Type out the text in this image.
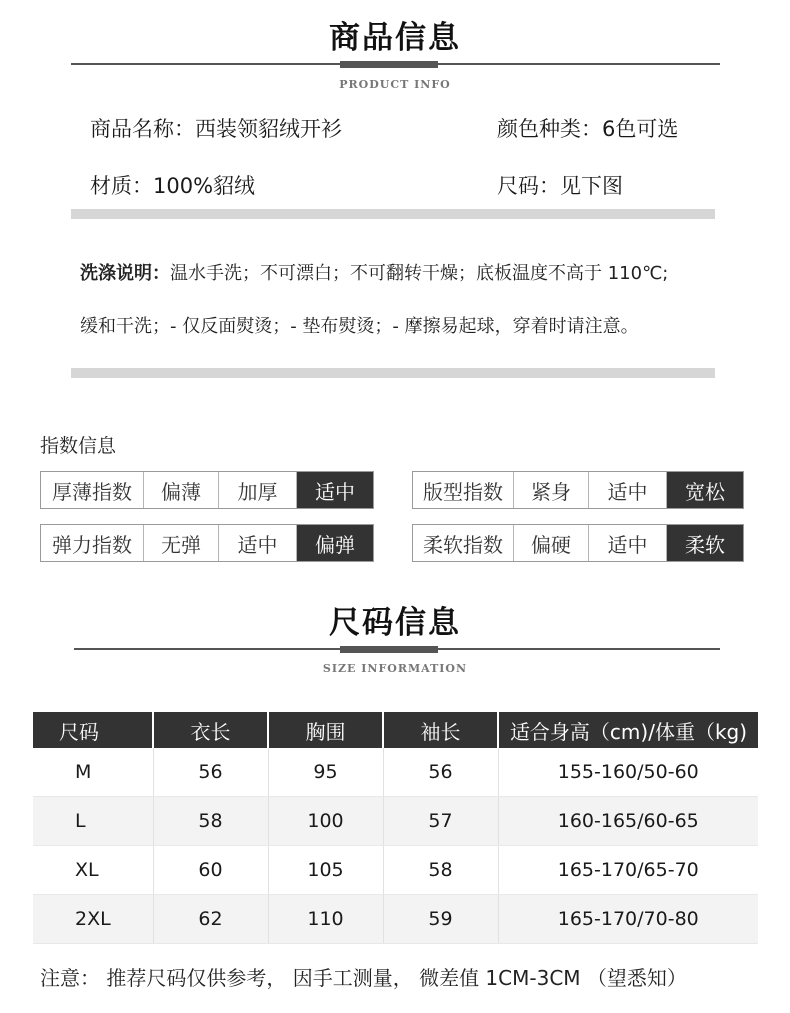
商品信息
PRODUCT INFO
商品名称：西装领貂绒开衫	颜色种类：6色可选
材质：100%貂绒	尺码：见下图
洗涤说明：温水手洗；不可漂白；不可翻转干燥；底板温度不高于 110℃;
缓和干洗；- 仅反面熨烫；- 垫布熨烫；- 摩擦易起球，穿着时请注意。
指数信息
厚薄指数	偏薄	加厚	适中	版型指数	紧身	适中	宽松
弹力指数	无弹	适中	偏弹	柔软指数	偏硬	适中	柔软
尺码信息
SIZE INFORMATION
尺码	衣长	胸围	袖长	适合身高（cm)/体重（kg)
M	56	95	56	155-160/50-60
L	58	100	57	160-165/60-65
XL	60	105	58	165-170/65-70
2XL	62	110	59	165-170/70-80
注意： 推荐尺码仅供参考， 因手工测量， 微差值 1CM-3CM （望悉知）
